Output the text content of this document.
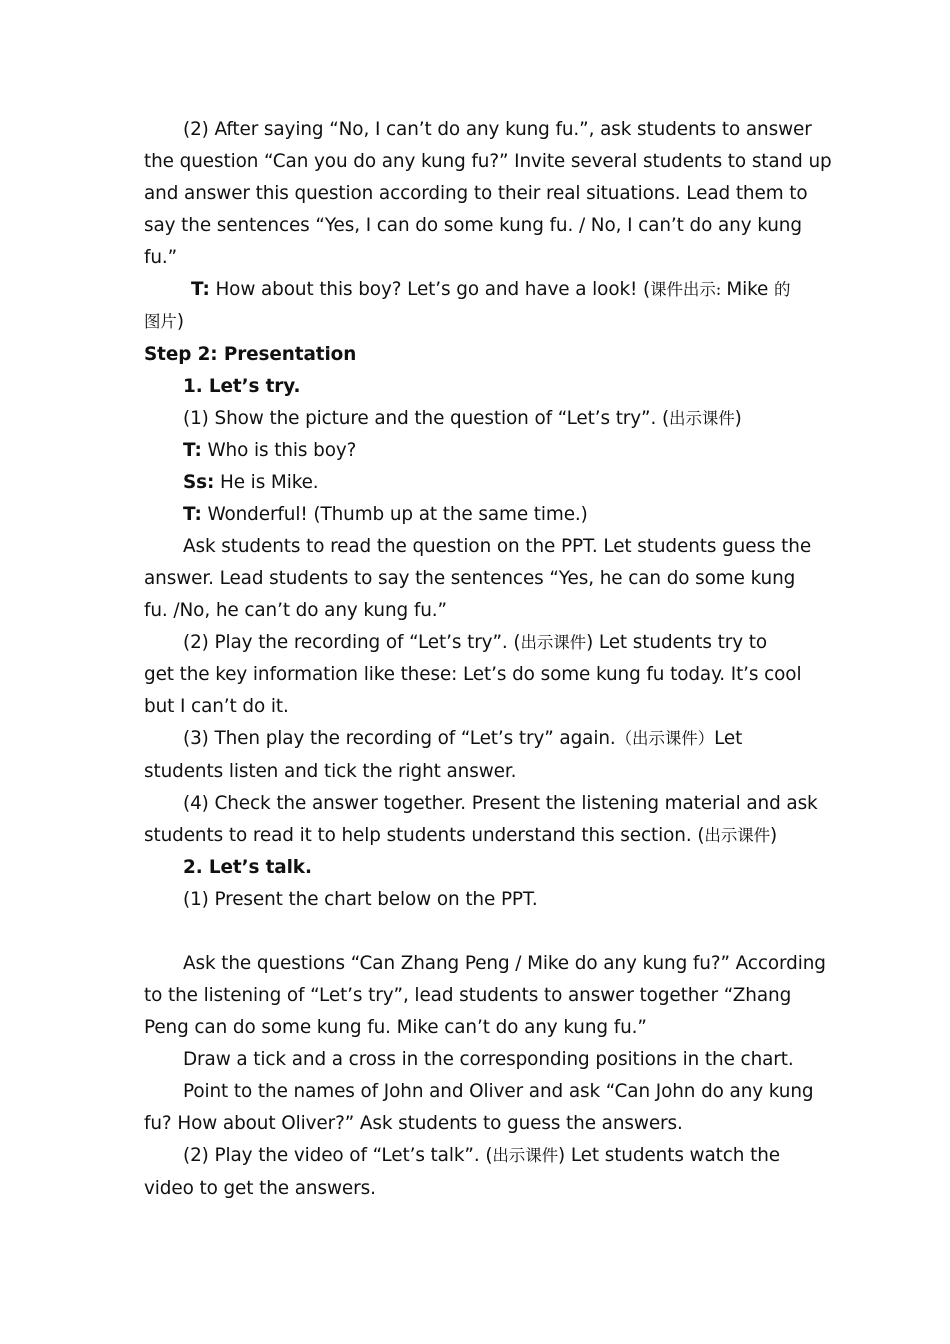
(2) After saying “No, I can’t do any kung fu.”, ask students to answer
the question “Can you do any kung fu?” Invite several students to stand up
and answer this question according to their real situations. Lead them to
say the sentences “Yes, I can do some kung fu. / No, I can’t do any kung
fu.”
T: How about this boy? Let’s go and have a look! (课件出示: Mike 的
图片)
Step 2: Presentation
1. Let’s try.
(1) Show the picture and the question of “Let’s try”. (出示课件)
T: Who is this boy?
Ss: He is Mike.
T: Wonderful! (Thumb up at the same time.)
Ask students to read the question on the PPT. Let students guess the
answer. Lead students to say the sentences “Yes, he can do some kung
fu. /No, he can’t do any kung fu.”
(2) Play the recording of “Let’s try”. (出示课件) Let students try to
get the key information like these: Let’s do some kung fu today. It’s cool
but I can’t do it.
(3) Then play the recording of “Let’s try” again.（出示课件）Let
students listen and tick the right answer.
(4) Check the answer together. Present the listening material and ask
students to read it to help students understand this section. (出示课件)
2. Let’s talk.
(1) Present the chart below on the PPT.
Ask the questions “Can Zhang Peng / Mike do any kung fu?” According
to the listening of “Let’s try”, lead students to answer together “Zhang
Peng can do some kung fu. Mike can’t do any kung fu.”
Draw a tick and a cross in the corresponding positions in the chart.
Point to the names of John and Oliver and ask “Can John do any kung
fu? How about Oliver?” Ask students to guess the answers.
(2) Play the video of “Let’s talk”. (出示课件) Let students watch the
video to get the answers.
